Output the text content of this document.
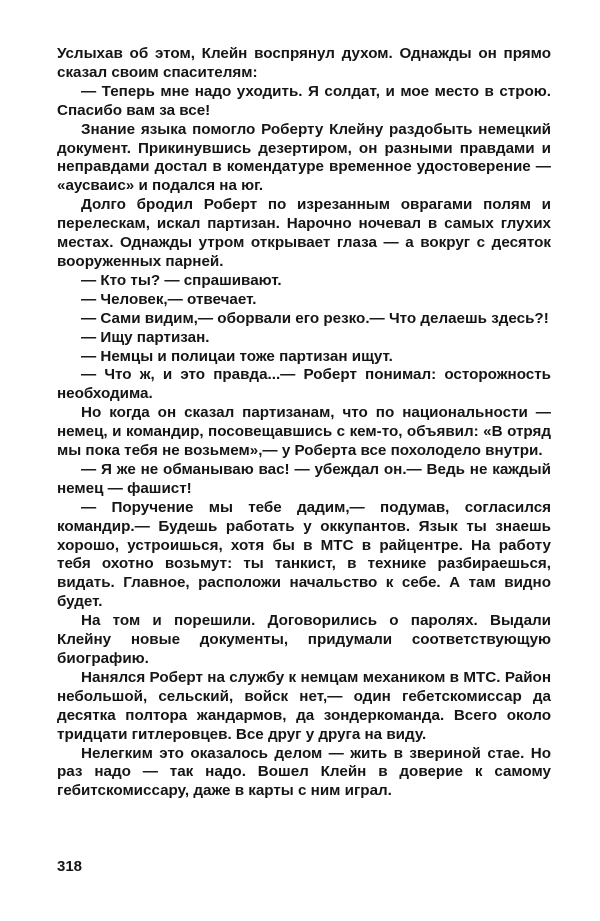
Услыхав об этом, Клейн воспрянул духом. Однажды он прямо сказал своим спасителям:

— Теперь мне надо уходить. Я солдат, и мое место в строю. Спасибо вам за все!

Знание языка помогло Роберту Клейну раздобыть немецкий документ. Прикинувшись дезертиром, он разными правдами и неправдами достал в комендатуре временное удостоверение — «аусваис» и подался на юг.

Долго бродил Роберт по изрезанным оврагами полям и перелескам, искал партизан. Нарочно ночевал в самых глухих местах. Однажды утром открывает глаза — а вокруг с десяток вооруженных парней.

— Кто ты? — спрашивают.

— Человек,— отвечает.

— Сами видим,— оборвали его резко.— Что делаешь здесь?!

— Ищу партизан.

— Немцы и полицаи тоже партизан ищут.

— Что ж, и это правда...— Роберт понимал: осторожность необходима.

Но когда он сказал партизанам, что по национальности — немец, и командир, посовещавшись с кем-то, объявил: «В отряд мы пока тебя не возьмем»,— у Роберта все похолодело внутри.

— Я же не обманываю вас! — убеждал он.— Ведь не каждый немец — фашист!

— Поручение мы тебе дадим,— подумав, согласился командир.— Будешь работать у оккупантов. Язык ты знаешь хорошо, устроишься, хотя бы в МТС в райцентре. На работу тебя охотно возьмут: ты танкист, в технике разбираешься, видать. Главное, расположи начальство к себе. А там видно будет.

На том и порешили. Договорились о паролях. Выдали Клейну новые документы, придумали соответствующую биографию.

Нанялся Роберт на службу к немцам механиком в МТС. Район небольшой, сельский, войск нет,— один гебетскомиссар да десятка полтора жандармов, да зондеркоманда. Всего около тридцати гитлеровцев. Все друг у друга на виду.

Нелегким это оказалось делом — жить в звериной стае. Но раз надо — так надо. Вошел Клейн в доверие к самому гебитскомиссару, даже в карты с ним играл.

318
